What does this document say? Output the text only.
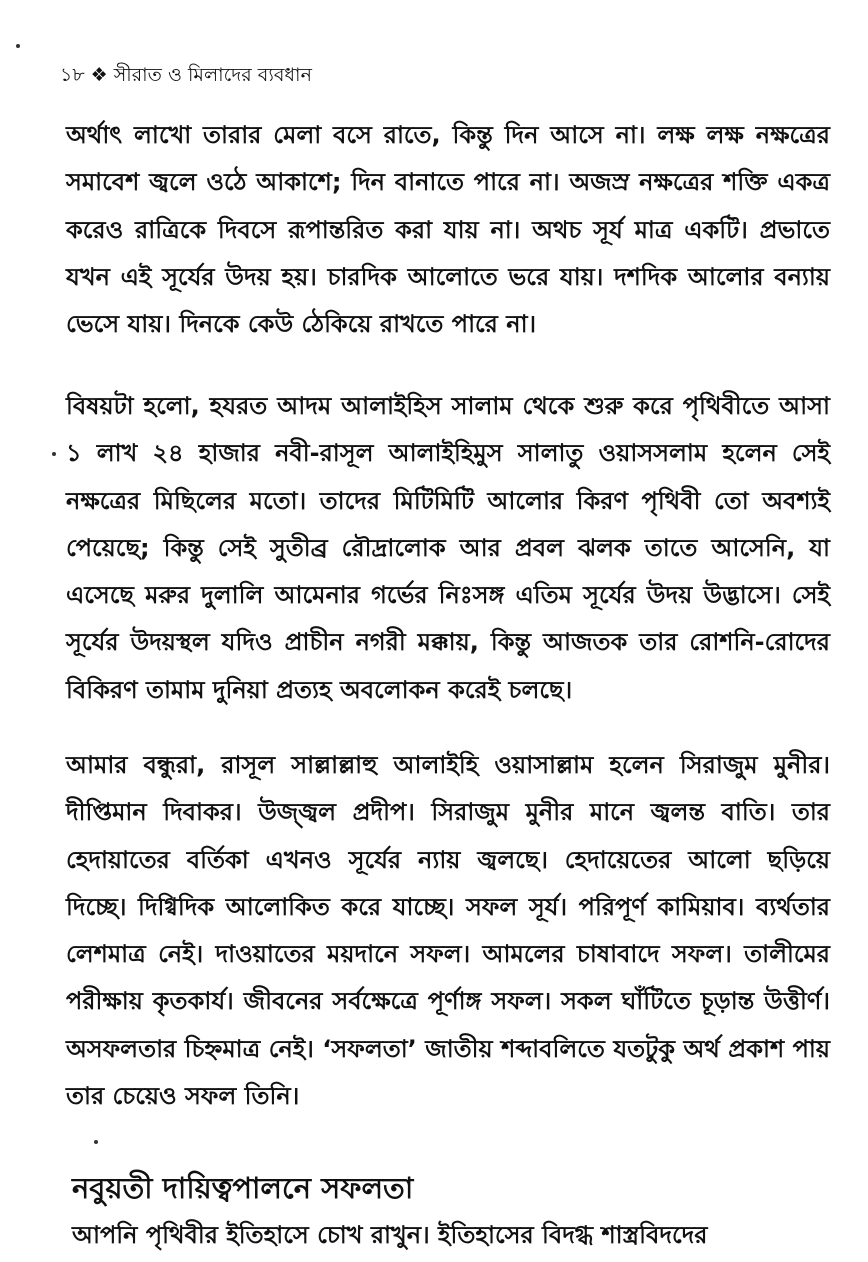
১৮ ❖ সীরাত ও মিলাদের ব্যবধান

অর্থাৎ লাখো তারার মেলা বসে রাতে, কিন্তু দিন আসে না। লক্ষ লক্ষ নক্ষত্রের সমাবেশ জ্বলে ওঠে আকাশে; দিন বানাতে পারে না। অজস্র নক্ষত্রের শক্তি একত্র করেও রাত্রিকে দিবসে রূপান্তরিত করা যায় না। অথচ সূর্য মাত্র একটি। প্রভাতে যখন এই সূর্যের উদয় হয়। চারদিক আলোতে ভরে যায়। দশদিক আলোর বন্যায় ভেসে যায়। দিনকে কেউ ঠেকিয়ে রাখতে পারে না।

বিষয়টা হলো, হযরত আদম আলাইহিস সালাম থেকে শুরু করে পৃথিবীতে আসা ১ লাখ ২৪ হাজার নবী-রাসূল আলাইহিমুস সালাতু ওয়াসসলাম হলেন সেই নক্ষত্রের মিছিলের মতো। তাদের মিটিমিটি আলোর কিরণ পৃথিবী তো অবশ্যই পেয়েছে; কিন্তু সেই সুতীব্র রৌদ্রালোক আর প্রবল ঝলক তাতে আসেনি, যা এসেছে মরুর দুলালি আমেনার গর্ভের নিঃসঙ্গ এতিম সূর্যের উদয় উদ্ভাসে। সেই সূর্যের উদয়স্থল যদিও প্রাচীন নগরী মক্কায়, কিন্তু আজতক তার রোশনি-রোদের বিকিরণ তামাম দুনিয়া প্রত্যহ অবলোকন করেই চলছে।

আমার বন্ধুরা, রাসূল সাল্লাল্লাহু আলাইহি ওয়াসাল্লাম হলেন সিরাজুম মুনীর। দীপ্তিমান দিবাকর। উজ্জ্বল প্রদীপ। সিরাজুম মুনীর মানে জ্বলন্ত বাতি। তার হেদায়াতের বর্তিকা এখনও সূর্যের ন্যায় জ্বলছে। হেদায়েতের আলো ছড়িয়ে দিচ্ছে। দিগ্বিদিক আলোকিত করে যাচ্ছে। সফল সূর্য। পরিপূর্ণ কামিয়াব। ব্যর্থতার লেশমাত্র নেই। দাওয়াতের ময়দানে সফল। আমলের চাষাবাদে সফল। তালীমের পরীক্ষায় কৃতকার্য। জীবনের সর্বক্ষেত্রে পূর্ণাঙ্গ সফল। সকল ঘাঁটিতে চূড়ান্ত উত্তীর্ণ। অসফলতার চিহ্নমাত্র নেই। ‘সফলতা’ জাতীয় শব্দাবলিতে যতটুকু অর্থ প্রকাশ পায় তার চেয়েও সফল তিনি।

নবুয়তী দায়িত্বপালনে সফলতা
আপনি পৃথিবীর ইতিহাসে চোখ রাখুন। ইতিহাসের বিদগ্ধ শাস্ত্রবিদদের
